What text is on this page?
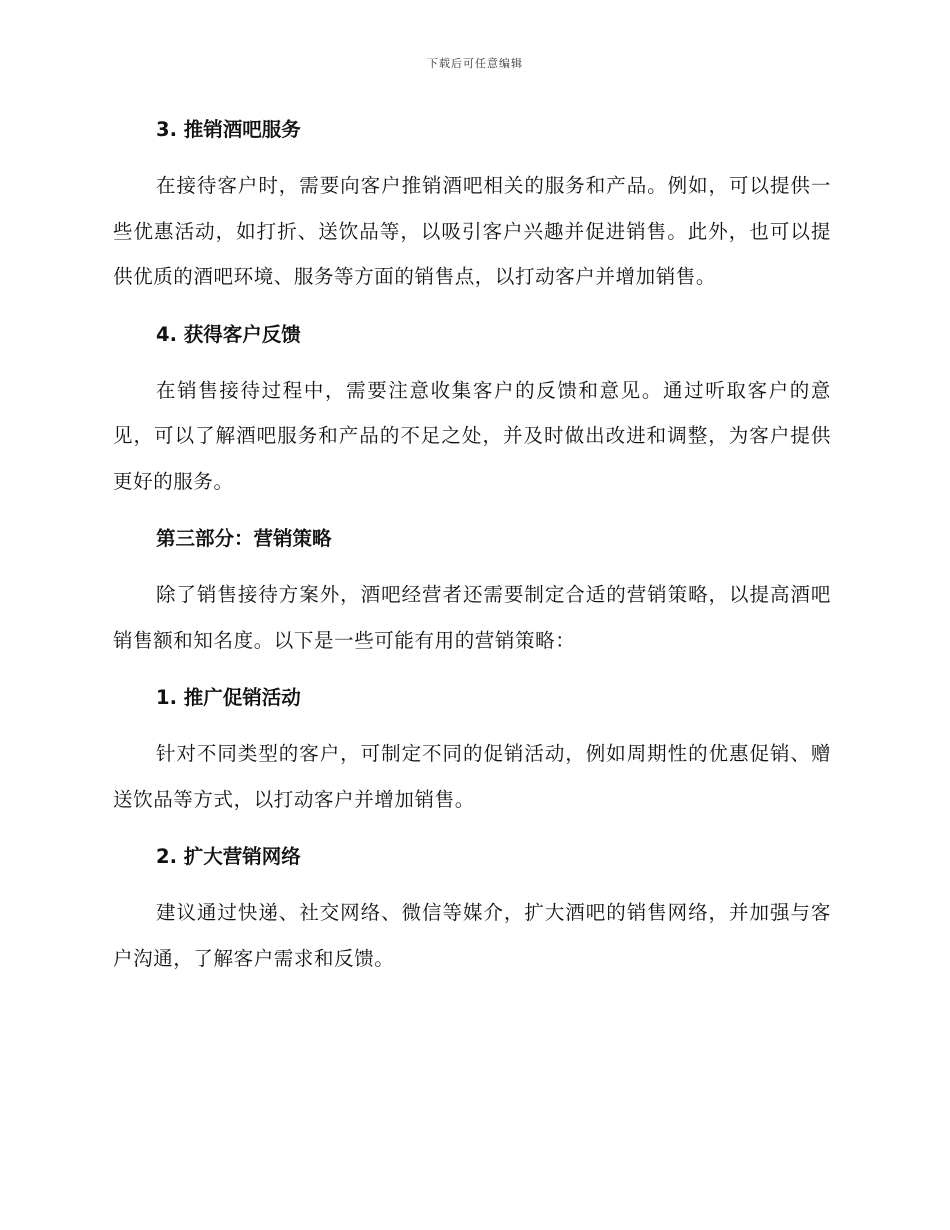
下载后可任意编辑
3. 推销酒吧服务

在接待客户时，需要向客户推销酒吧相关的服务和产品。例如，可以提供一些优惠活动，如打折、送饮品等，以吸引客户兴趣并促进销售。此外，也可以提供优质的酒吧环境、服务等方面的销售点，以打动客户并增加销售。

4. 获得客户反馈

在销售接待过程中，需要注意收集客户的反馈和意见。通过听取客户的意见，可以了解酒吧服务和产品的不足之处，并及时做出改进和调整，为客户提供更好的服务。

第三部分：营销策略

除了销售接待方案外，酒吧经营者还需要制定合适的营销策略，以提高酒吧销售额和知名度。以下是一些可能有用的营销策略：

1. 推广促销活动

针对不同类型的客户，可制定不同的促销活动，例如周期性的优惠促销、赠送饮品等方式，以打动客户并增加销售。

2. 扩大营销网络

建议通过快递、社交网络、微信等媒介，扩大酒吧的销售网络，并加强与客户沟通，了解客户需求和反馈。
